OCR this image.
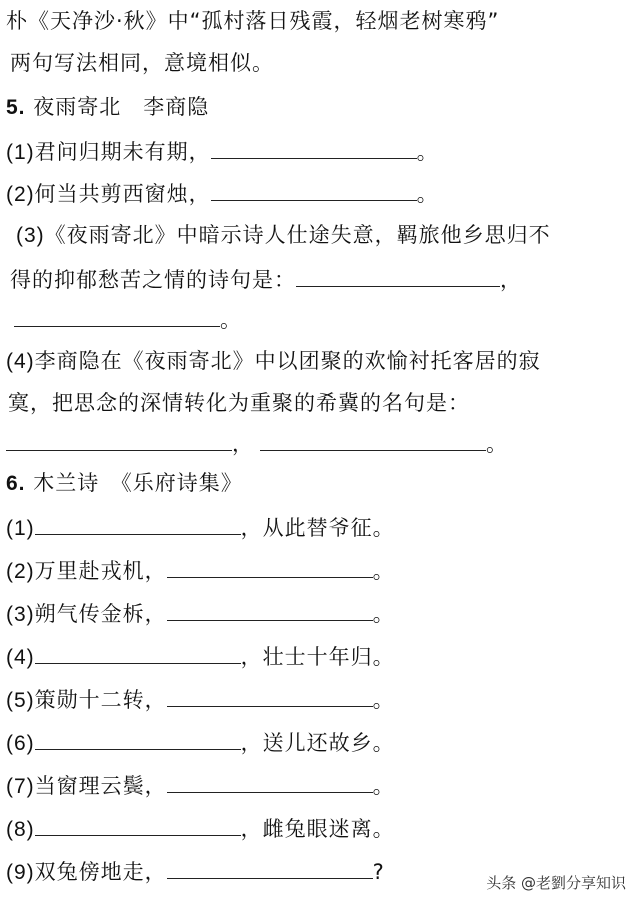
朴《天净沙·秋》中“孤村落日残霞，轻烟老树寒鸦”
两句写法相同，意境相似。
5. 夜雨寄北　李商隐
(1)君问归期未有期，	。
(2)何当共剪西窗烛，	。
(3)《夜雨寄北》中暗示诗人仕途失意，羁旅他乡思归不
得的抑郁愁苦之情的诗句是：	，
。
(4)李商隐在《夜雨寄北》中以团聚的欢愉衬托客居的寂
寞，把思念的深情转化为重聚的希冀的名句是：
，	。
6. 木兰诗　《乐府诗集》
(1)	，从此替爷征。
(2)万里赴戎机，	。
(3)朔气传金柝，	。
(4)	，壮士十年归。
(5)策勋十二转，	。
(6)	，送儿还故乡。
(7)当窗理云鬓，	。
(8)	，雌兔眼迷离。
(9)双兔傍地走，	?	头条 @老劉分享知识
